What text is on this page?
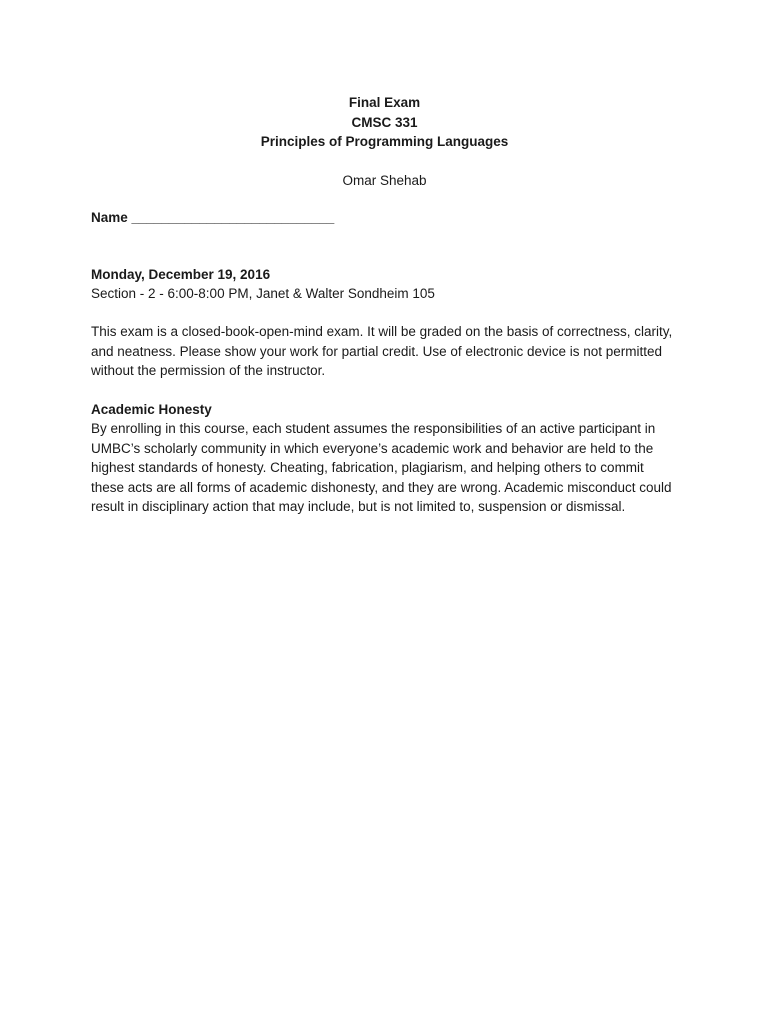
Final Exam
CMSC 331
Principles of Programming Languages
Omar Shehab
Name ___________________________
Monday, December 19, 2016
Section - 2 - 6:00-8:00 PM, Janet & Walter Sondheim 105

This exam is a closed-book-open-mind exam. It will be graded on the basis of correctness, clarity, and neatness. Please show your work for partial credit. Use of electronic device is not permitted without the permission of the instructor.

Academic Honesty

By enrolling in this course, each student assumes the responsibilities of an active participant in UMBC’s scholarly community in which everyone’s academic work and behavior are held to the highest standards of honesty. Cheating, fabrication, plagiarism, and helping others to commit these acts are all forms of academic dishonesty, and they are wrong. Academic misconduct could result in disciplinary action that may include, but is not limited to, suspension or dismissal.
